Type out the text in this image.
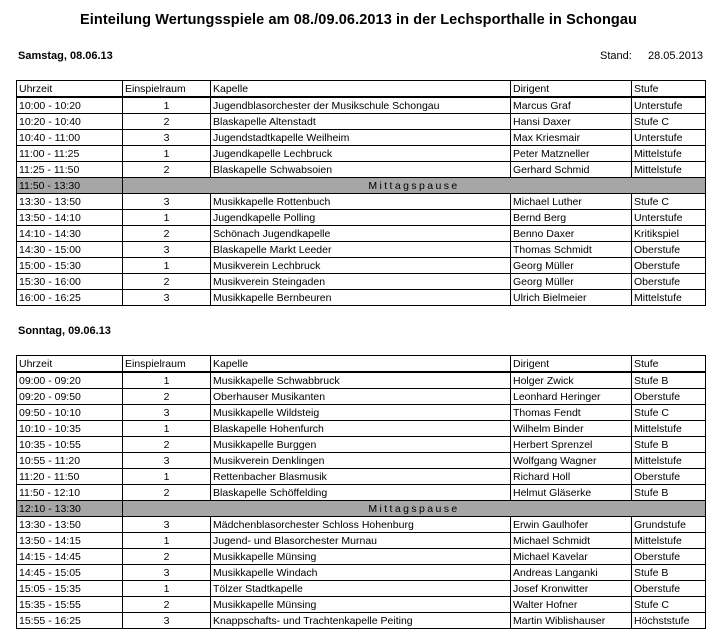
Einteilung Wertungsspiele am 08./09.06.2013 in der Lechsporthalle in Schongau
Samstag, 08.06.13	Stand: 28.05.2013
Uhrzeit	Einspielraum	Kapelle	Dirigent	Stufe
10:00 - 10:20	1	Jugendblasorchester der Musikschule Schongau	Marcus Graf	Unterstufe
10:20 - 10:40	2	Blaskapelle Altenstadt	Hansi Daxer	Stufe C
10:40 - 11:00	3	Jugendstadtkapelle Weilheim	Max Kriesmair	Unterstufe
11:00 - 11:25	1	Jugendkapelle Lechbruck	Peter Matzneller	Mittelstufe
11:25 - 11:50	2	Blaskapelle Schwabsoien	Gerhard Schmid	Mittelstufe
11:50 - 13:30	Mittagspause			
13:30 - 13:50	3	Musikkapelle Rottenbuch	Michael Luther	Stufe C
13:50 - 14:10	1	Jugendkapelle Polling	Bernd Berg	Unterstufe
14:10 - 14:30	2	Schönach Jugendkapelle	Benno Daxer	Kritikspiel
14:30 - 15:00	3	Blaskapelle Markt Leeder	Thomas Schmidt	Oberstufe
15:00 - 15:30	1	Musikverein Lechbruck	Georg Müller	Oberstufe
15:30 - 16:00	2	Musikverein Steingaden	Georg Müller	Oberstufe
16:00 - 16:25	3	Musikkapelle Bernbeuren	Ulrich Bielmeier	Mittelstufe
Sonntag, 09.06.13
Uhrzeit	Einspielraum	Kapelle	Dirigent	Stufe
09:00 - 09:20	1	Musikkapelle Schwabbruck	Holger Zwick	Stufe B
09:20 - 09:50	2	Oberhauser Musikanten	Leonhard Heringer	Oberstufe
09:50 - 10:10	3	Musikkapelle Wildsteig	Thomas Fendt	Stufe C
10:10 - 10:35	1	Blaskapelle Hohenfurch	Wilhelm Binder	Mittelstufe
10:35 - 10:55	2	Musikkapelle Burggen	Herbert Sprenzel	Stufe B
10:55 - 11:20	3	Musikverein Denklingen	Wolfgang Wagner	Mittelstufe
11:20 - 11:50	1	Rettenbacher Blasmusik	Richard Holl	Oberstufe
11:50 - 12:10	2	Blaskapelle Schöffelding	Helmut Gläserke	Stufe B
12:10 - 13:30	Mittagspause			
13:30 - 13:50	3	Mädchenblasorchester Schloss Hohenburg	Erwin Gaulhofer	Grundstufe
13:50 - 14:15	1	Jugend- und Blasorchester Murnau	Michael Schmidt	Mittelstufe
14:15 - 14:45	2	Musikkapelle Münsing	Michael Kavelar	Oberstufe
14:45 - 15:05	3	Musikkapelle Windach	Andreas Langanki	Stufe B
15:05 - 15:35	1	Tölzer Stadtkapelle	Josef Kronwitter	Oberstufe
15:35 - 15:55	2	Musikkapelle Münsing	Walter Hofner	Stufe C
15:55 - 16:25	3	Knappschafts- und Trachtenkapelle Peiting	Martin Wiblishauser	Höchststufe
